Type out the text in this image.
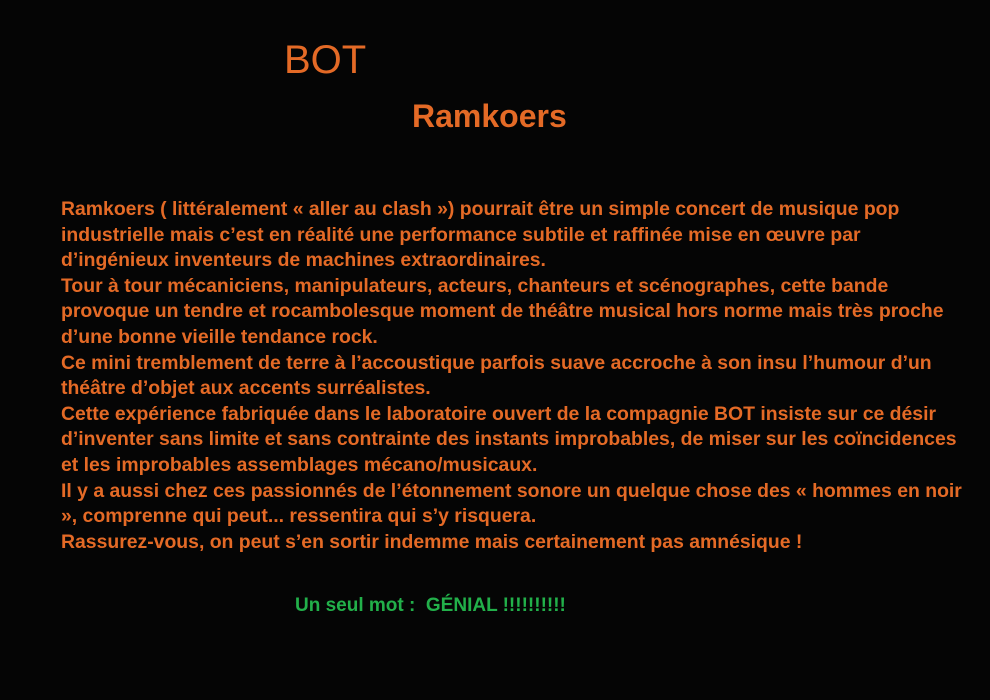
BOT
Ramkoers

Ramkoers ( littéralement « aller au clash ») pourrait être un simple concert de musique pop industrielle mais c’est en réalité une performance subtile et raffinée mise en œuvre par d’ingénieux inventeurs de machines extraordinaires.

Tour à tour mécaniciens, manipulateurs, acteurs, chanteurs et scénographes, cette bande provoque un tendre et rocambolesque moment de théâtre musical hors norme mais très proche d’une bonne vieille tendance rock.

Ce mini tremblement de terre à l’accoustique parfois suave accroche à son insu l’humour d’un théâtre d’objet aux accents surréalistes.

Cette expérience fabriquée dans le laboratoire ouvert de la compagnie BOT insiste sur ce désir d’inventer sans limite et sans contrainte des instants improbables, de miser sur les coïncidences et les improbables assemblages mécano/musicaux.

Il y a aussi chez ces passionnés de l’étonnement sonore un quelque chose des « hommes en noir », comprenne qui peut... ressentira qui s’y risquera.

Rassurez-vous, on peut s’en sortir indemme mais certainement pas amnésique !

Un seul mot :  GÉNIAL !!!!!!!!!!
